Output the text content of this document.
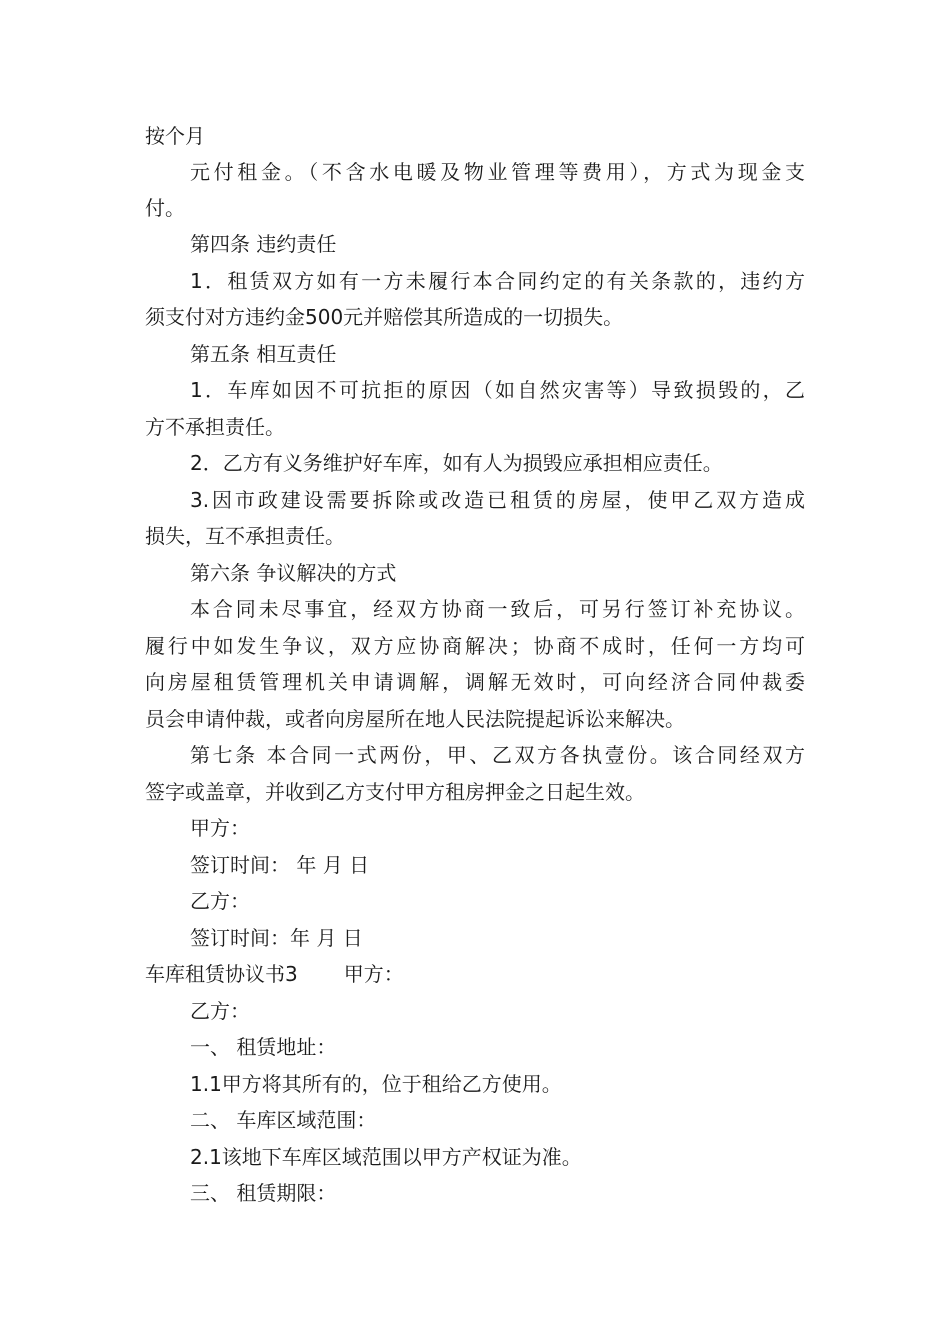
按个月
元付租金。（不含水电暖及物业管理等费用），方式为现金支
付。
第四条 违约责任
1．租赁双方如有一方未履行本合同约定的有关条款的，违约方
须支付对方违约金500元并赔偿其所造成的一切损失。
第五条 相互责任
1．车库如因不可抗拒的原因（如自然灾害等）导致损毁的，乙
方不承担责任。
2．乙方有义务维护好车库，如有人为损毁应承担相应责任。
3.因市政建设需要拆除或改造已租赁的房屋，使甲乙双方造成
损失，互不承担责任。
第六条 争议解决的方式
本合同未尽事宜，经双方协商一致后，可另行签订补充协议。
履行中如发生争议，双方应协商解决；协商不成时，任何一方均可
向房屋租赁管理机关申请调解，调解无效时，可向经济合同仲裁委
员会申请仲裁，或者向房屋所在地人民法院提起诉讼来解决。
第七条 本合同一式两份，甲、乙双方各执壹份。该合同经双方
签字或盖章，并收到乙方支付甲方租房押金之日起生效。
甲方：
签订时间： 年 月 日
乙方：
签订时间：年 月 日
车库租赁协议书3 甲方：
乙方：
一、 租赁地址：
1.1甲方将其所有的，位于租给乙方使用。
二、 车库区域范围：
2.1该地下车库区域范围以甲方产权证为准。
三、 租赁期限：
